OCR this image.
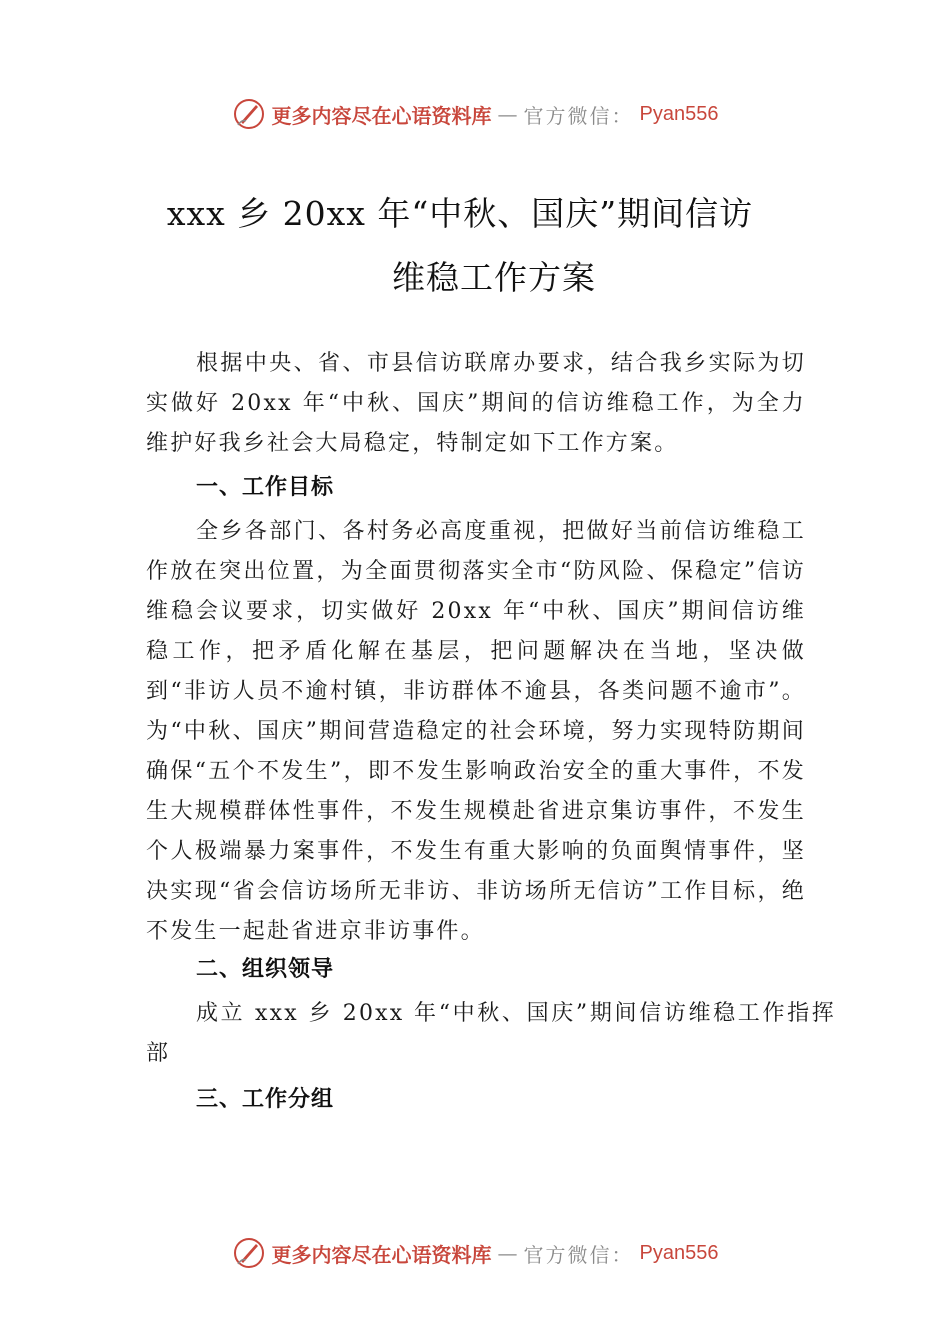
更多内容尽在心语资料库 — 官方微信： Pyan556
xxx 乡 20xx 年“中秋、国庆”期间信访
维稳工作方案

根据中央、省、市县信访联席办要求，结合我乡实际为切实做好 20xx 年“中秋、国庆”期间的信访维稳工作，为全力维护好我乡社会大局稳定，特制定如下工作方案。

一、工作目标

全乡各部门、各村务必高度重视，把做好当前信访维稳工作放在突出位置，为全面贯彻落实全市“防风险、保稳定”信访维稳会议要求，切实做好 20xx 年“中秋、国庆”期间信访维稳工作，把矛盾化解在基层，把问题解决在当地，坚决做到“非访人员不逾村镇，非访群体不逾县，各类问题不逾市”。为“中秋、国庆”期间营造稳定的社会环境，努力实现特防期间确保“五个不发生”，即不发生影响政治安全的重大事件，不发生大规模群体性事件，不发生规模赴省进京集访事件，不发生个人极端暴力案事件，不发生有重大影响的负面舆情事件，坚决实现“省会信访场所无非访、非访场所无信访”工作目标，绝不发生一起赴省进京非访事件。

二、组织领导

成立 xxx 乡 20xx 年“中秋、国庆”期间信访维稳工作指挥部

三、工作分组
更多内容尽在心语资料库 — 官方微信： Pyan556
